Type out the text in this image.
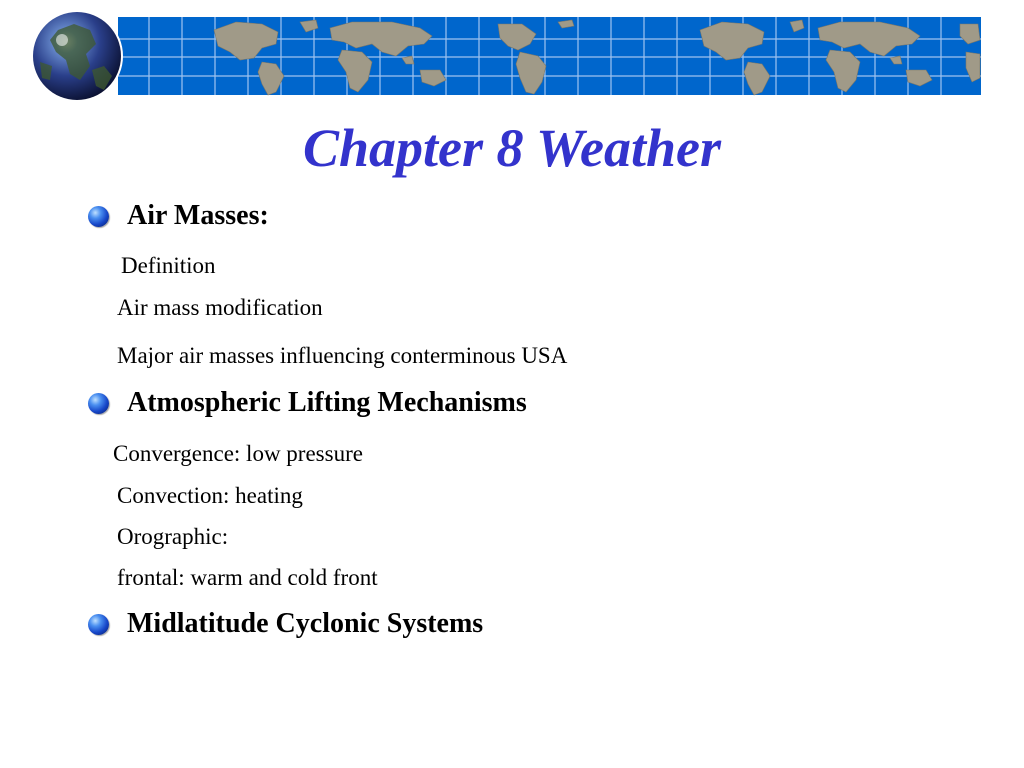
Chapter 8 Weather
Air Masses:
Definition
Air mass modification
Major air masses influencing conterminous USA
Atmospheric Lifting Mechanisms
Convergence: low pressure
Convection: heating
Orographic:
frontal: warm and cold front
Midlatitude Cyclonic Systems
